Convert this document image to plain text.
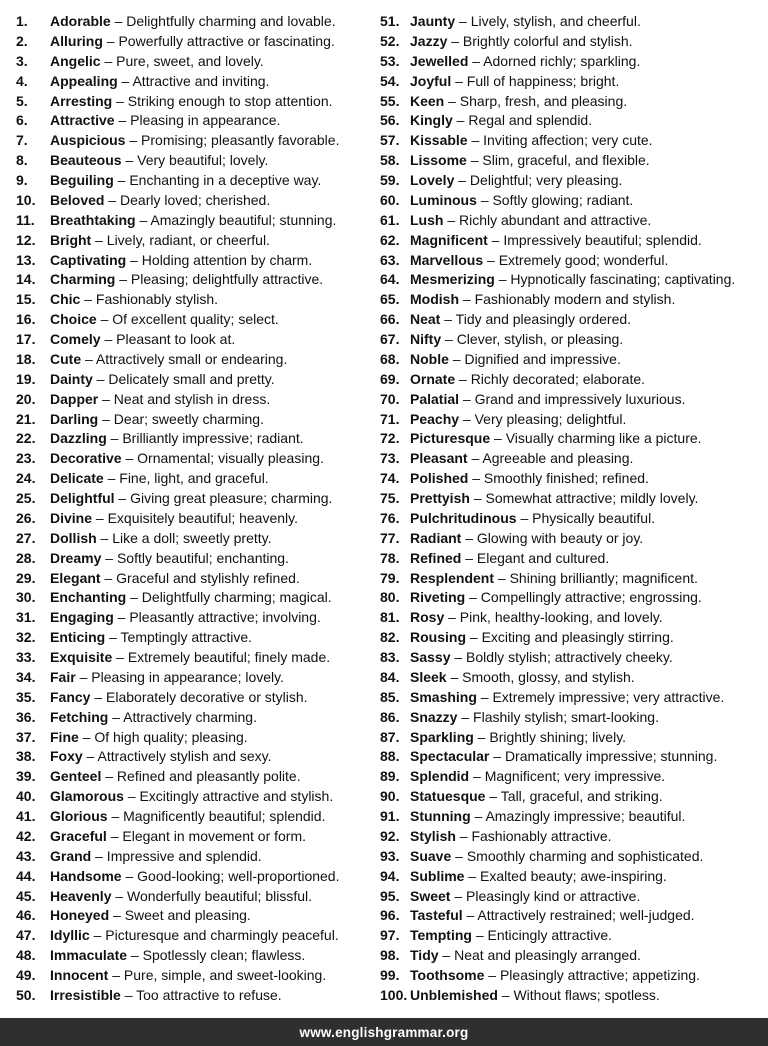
1.	Adorable – Delightfully charming and lovable.
2.	Alluring – Powerfully attractive or fascinating.
3.	Angelic – Pure, sweet, and lovely.
4.	Appealing – Attractive and inviting.
5.	Arresting – Striking enough to stop attention.
6.	Attractive – Pleasing in appearance.
7.	Auspicious – Promising; pleasantly favorable.
8.	Beauteous – Very beautiful; lovely.
9.	Beguiling – Enchanting in a deceptive way.
10.	Beloved – Dearly loved; cherished.
11.	Breathtaking – Amazingly beautiful; stunning.
12.	Bright – Lively, radiant, or cheerful.
13.	Captivating – Holding attention by charm.
14.	Charming – Pleasing; delightfully attractive.
15.	Chic – Fashionably stylish.
16.	Choice – Of excellent quality; select.
17.	Comely – Pleasant to look at.
18.	Cute – Attractively small or endearing.
19.	Dainty – Delicately small and pretty.
20.	Dapper – Neat and stylish in dress.
21.	Darling – Dear; sweetly charming.
22.	Dazzling – Brilliantly impressive; radiant.
23.	Decorative – Ornamental; visually pleasing.
24.	Delicate – Fine, light, and graceful.
25.	Delightful – Giving great pleasure; charming.
26.	Divine – Exquisitely beautiful; heavenly.
27.	Dollish – Like a doll; sweetly pretty.
28.	Dreamy – Softly beautiful; enchanting.
29.	Elegant – Graceful and stylishly refined.
30.	Enchanting – Delightfully charming; magical.
31.	Engaging – Pleasantly attractive; involving.
32.	Enticing – Temptingly attractive.
33.	Exquisite – Extremely beautiful; finely made.
34.	Fair – Pleasing in appearance; lovely.
35.	Fancy – Elaborately decorative or stylish.
36.	Fetching – Attractively charming.
37.	Fine – Of high quality; pleasing.
38.	Foxy – Attractively stylish and sexy.
39.	Genteel – Refined and pleasantly polite.
40.	Glamorous – Excitingly attractive and stylish.
41.	Glorious – Magnificently beautiful; splendid.
42.	Graceful – Elegant in movement or form.
43.	Grand – Impressive and splendid.
44.	Handsome – Good-looking; well-proportioned.
45.	Heavenly – Wonderfully beautiful; blissful.
46.	Honeyed – Sweet and pleasing.
47.	Idyllic – Picturesque and charmingly peaceful.
48.	Immaculate – Spotlessly clean; flawless.
49.	Innocent – Pure, simple, and sweet-looking.
50.	Irresistible – Too attractive to refuse.
51. Jaunty – Lively, stylish, and cheerful.
52. Jazzy – Brightly colorful and stylish.
53. Jewelled – Adorned richly; sparkling.
54. Joyful – Full of happiness; bright.
55. Keen – Sharp, fresh, and pleasing.
56. Kingly – Regal and splendid.
57. Kissable – Inviting affection; very cute.
58. Lissome – Slim, graceful, and flexible.
59. Lovely – Delightful; very pleasing.
60. Luminous – Softly glowing; radiant.
61. Lush – Richly abundant and attractive.
62. Magnificent – Impressively beautiful; splendid.
63. Marvellous – Extremely good; wonderful.
64. Mesmerizing – Hypnotically fascinating; captivating.
65. Modish – Fashionably modern and stylish.
66. Neat – Tidy and pleasingly ordered.
67. Nifty – Clever, stylish, or pleasing.
68. Noble – Dignified and impressive.
69. Ornate – Richly decorated; elaborate.
70. Palatial – Grand and impressively luxurious.
71. Peachy – Very pleasing; delightful.
72. Picturesque – Visually charming like a picture.
73. Pleasant – Agreeable and pleasing.
74. Polished – Smoothly finished; refined.
75. Prettyish – Somewhat attractive; mildly lovely.
76. Pulchritudinous – Physically beautiful.
77. Radiant – Glowing with beauty or joy.
78. Refined – Elegant and cultured.
79. Resplendent – Shining brilliantly; magnificent.
80. Riveting – Compellingly attractive; engrossing.
81. Rosy – Pink, healthy-looking, and lovely.
82. Rousing – Exciting and pleasingly stirring.
83. Sassy – Boldly stylish; attractively cheeky.
84. Sleek – Smooth, glossy, and stylish.
85. Smashing – Extremely impressive; very attractive.
86. Snazzy – Flashily stylish; smart-looking.
87. Sparkling – Brightly shining; lively.
88. Spectacular – Dramatically impressive; stunning.
89. Splendid – Magnificent; very impressive.
90. Statuesque – Tall, graceful, and striking.
91. Stunning – Amazingly impressive; beautiful.
92. Stylish – Fashionably attractive.
93. Suave – Smoothly charming and sophisticated.
94. Sublime – Exalted beauty; awe-inspiring.
95. Sweet – Pleasingly kind or attractive.
96. Tasteful – Attractively restrained; well-judged.
97. Tempting – Enticingly attractive.
98. Tidy – Neat and pleasingly arranged.
99. Toothsome – Pleasingly attractive; appetizing.
100. Unblemished – Without flaws; spotless.
www.englishgrammar.org
